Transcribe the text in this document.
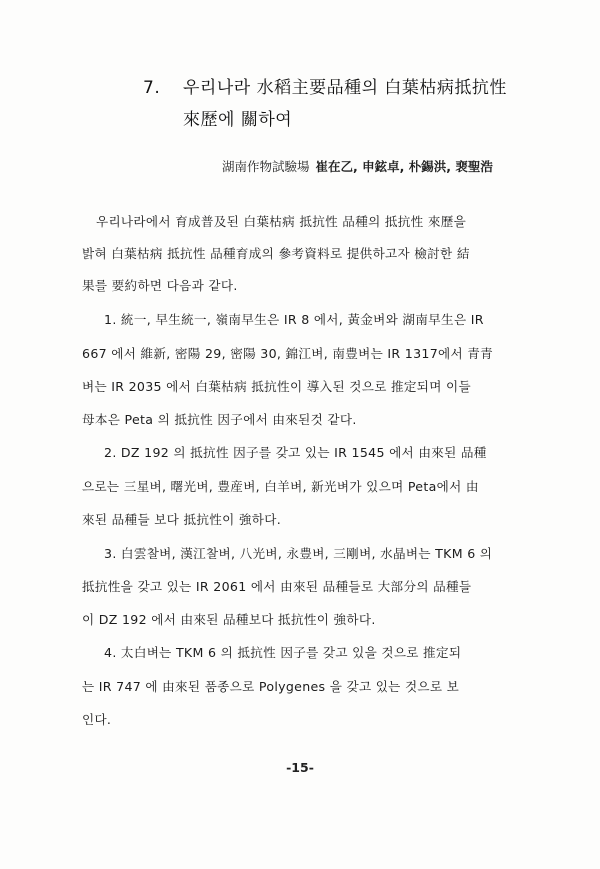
7. 우리나라 水稻主要品種의 白葉枯病抵抗性
來歷에 關하여
湖南作物試驗場 崔在乙, 申鉉卓, 朴錫洪, 裵聖浩
우리나라에서 育成普及된 白葉枯病 抵抗性 品種의 抵抗性 來歷을
밝혀 白葉枯病 抵抗性 品種育成의 參考資料로 提供하고자 檢討한 結
果를 要約하면 다음과 같다.
1. 統一, 早生統一, 嶺南早生은 IR 8 에서, 黃金벼와 湖南早生은 IR
667 에서 維新, 密陽 29, 密陽 30, 錦江벼, 南豊벼는 IR 1317에서 青青
벼는 IR 2035 에서 白葉枯病 抵抗性이 導入된 것으로 推定되며 이들
母本은 Peta 의 抵抗性 因子에서 由來된것 같다.
2. DZ 192 의 抵抗性 因子를 갖고 있는 IR 1545 에서 由來된 品種
으로는 三星벼, 曙光벼, 豊産벼, 白羊벼, 新光벼가 있으며 Peta에서 由
來된 品種들 보다 抵抗性이 強하다.
3. 白雲찰벼, 漢江찰벼, 八光벼, 永豊벼, 三剛벼, 水晶벼는 TKM 6 의
抵抗性을 갖고 있는 IR 2061 에서 由來된 品種들로 大部分의 品種들
이 DZ 192 에서 由來된 品種보다 抵抗性이 強하다.
4. 太白벼는 TKM 6 의 抵抗性 因子를 갖고 있을 것으로 推定되
는 IR 747 에 由來된 품종으로 Polygenes 을 갖고 있는 것으로 보
인다.
-15-
